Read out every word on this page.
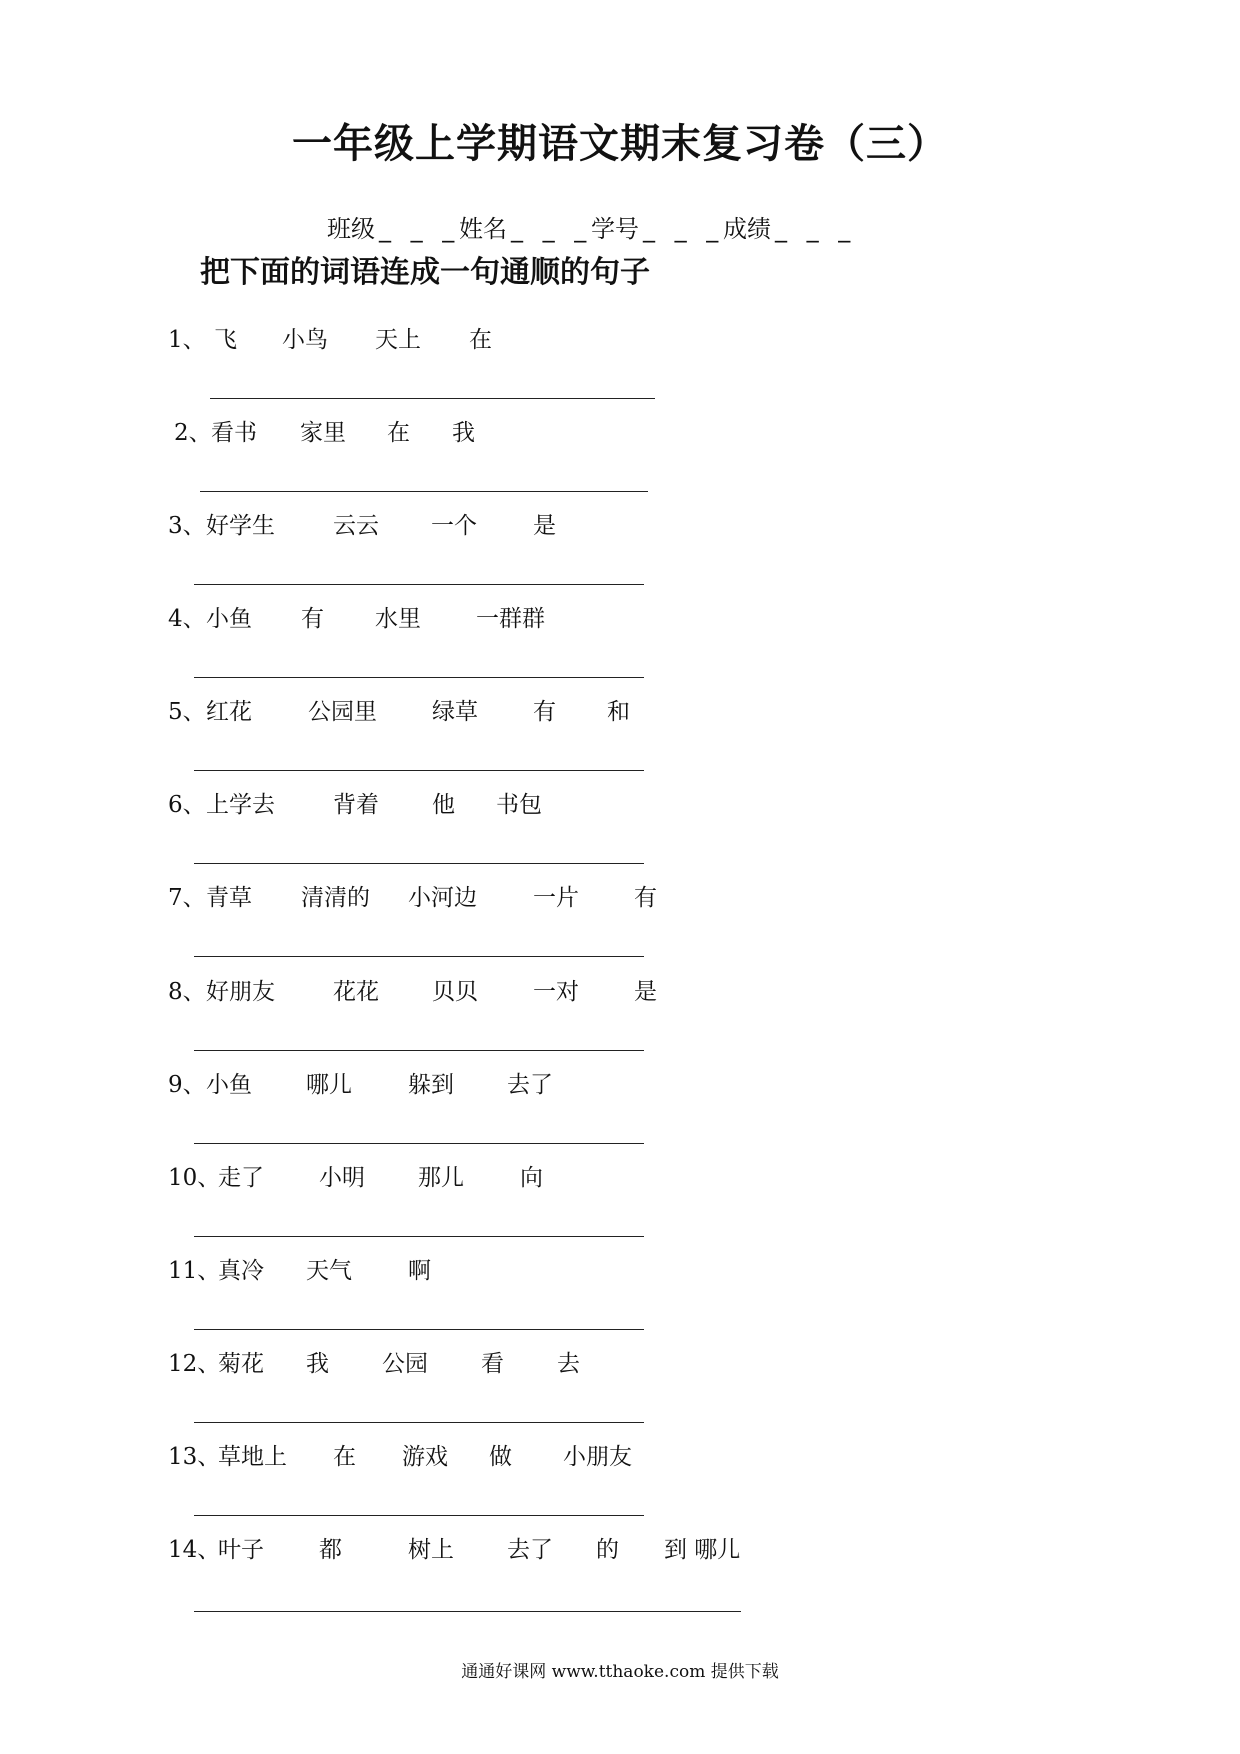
一年级上学期语文期末复习卷（三）
班级 _ _ _姓名 _ _ _学号 _ _ _成绩 _ _ _
把下面的词语连成一句通顺的句子
1、 飞 小鸟 天上 在
2、 看书 家里 在 我
3、 好学生	云云 一个 是
4、 小鱼 有 水里 一群群
5、 红花 公园里 绿草 有 和
6、 上学去	背着 他 书包
7、 青草 清清的 小河边 一片 有
8、 好朋友	花花 贝贝 一对 是
9、 小鱼 哪儿 躲到 去了
10、
走了 小明 那儿 向
11、
真冷 天气 啊
12、
菊花 我 公园 看 去
13、
草地上 在 游戏 做 小朋友
14、
叶子 都	树上 去了 的 到 哪儿
通通好课网 www.tthaoke.com 提供下载
